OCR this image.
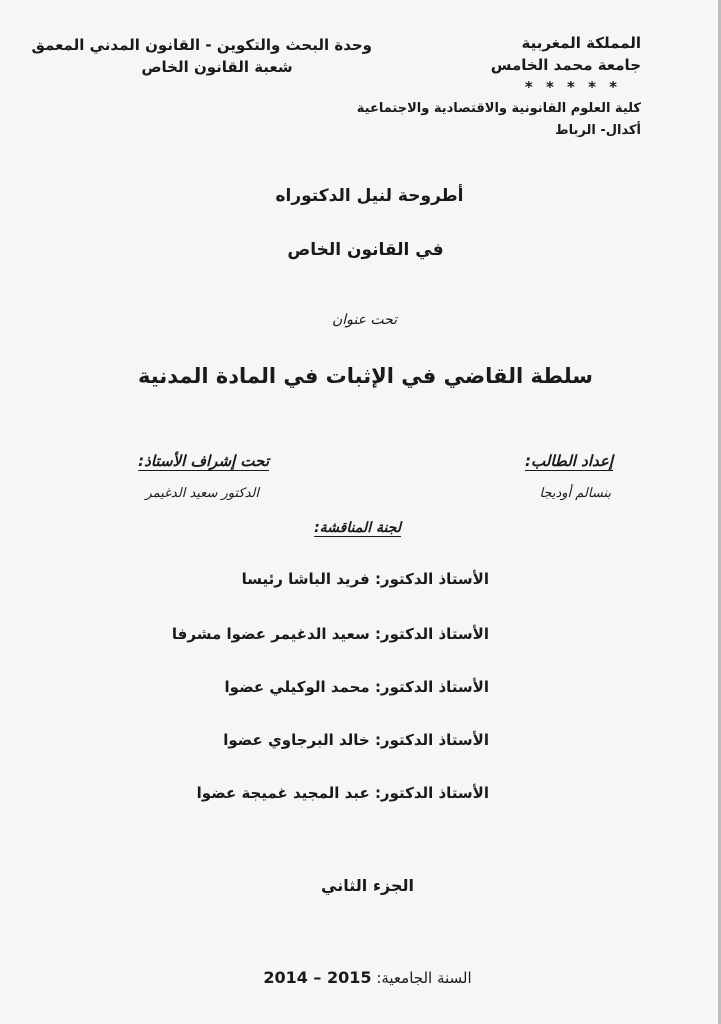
المملكة المغربية
جامعة محمد الخامس
* * * * *
كلية العلوم القانونية والاقتصادية والاجتماعية
أكدال- الرباط
وحدة البحث والتكوين - القانون المدني المعمق
شعبة القانون الخاص
أطروحة لنيل الدكتوراه
في القانون الخاص
تحت عنوان
سلطة القاضي في الإثبات في المادة المدنية
إعداد الطالب:
بنسالم أوديجا
تحت إشراف الأستاذ:
الدكتور سعيد الدغيمر
لجنة المناقشة:
الأستاذ الدكتور: فريد الباشا رئيسا
الأستاذ الدكتور: سعيد الدغيمر عضوا مشرفا
الأستاذ الدكتور: محمد الوكيلي عضوا
الأستاذ الدكتور: خالد البرجاوي عضوا
الأستاذ الدكتور: عبد المجيد غميجة عضوا
الجزء الثاني
السنة الجامعية: 2014 – 2015
